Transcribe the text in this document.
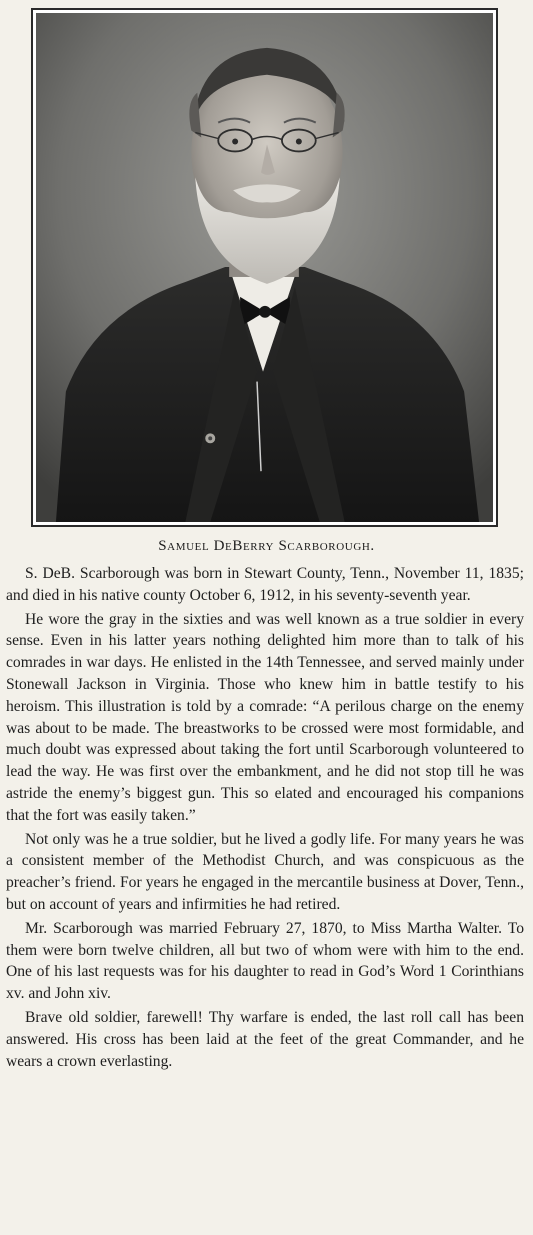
Samuel DeBerry Scarborough.

S. DeB. Scarborough was born in Stewart County, Tenn., November 11, 1835; and died in his native county October 6, 1912, in his seventy-seventh year.

He wore the gray in the sixties and was well known as a true soldier in every sense. Even in his latter years nothing delighted him more than to talk of his comrades in war days. He enlisted in the 14th Tennessee, and served mainly under Stonewall Jackson in Virginia. Those who knew him in battle testify to his heroism. This illustration is told by a comrade: “A perilous charge on the enemy was about to be made. The breastworks to be crossed were most formidable, and much doubt was expressed about taking the fort until Scarborough volunteered to lead the way. He was first over the embankment, and he did not stop till he was astride the enemy’s biggest gun. This so elated and encouraged his companions that the fort was easily taken.”

Not only was he a true soldier, but he lived a godly life. For many years he was a consistent member of the Methodist Church, and was conspicuous as the preacher’s friend. For years he engaged in the mercantile business at Dover, Tenn., but on account of years and infirmities he had retired.

Mr. Scarborough was married February 27, 1870, to Miss Martha Walter. To them were born twelve children, all but two of whom were with him to the end. One of his last requests was for his daughter to read in God’s Word 1 Corinthians xv. and John xiv.

Brave old soldier, farewell! Thy warfare is ended, the last roll call has been answered. His cross has been laid at the feet of the great Commander, and he wears a crown everlasting.
